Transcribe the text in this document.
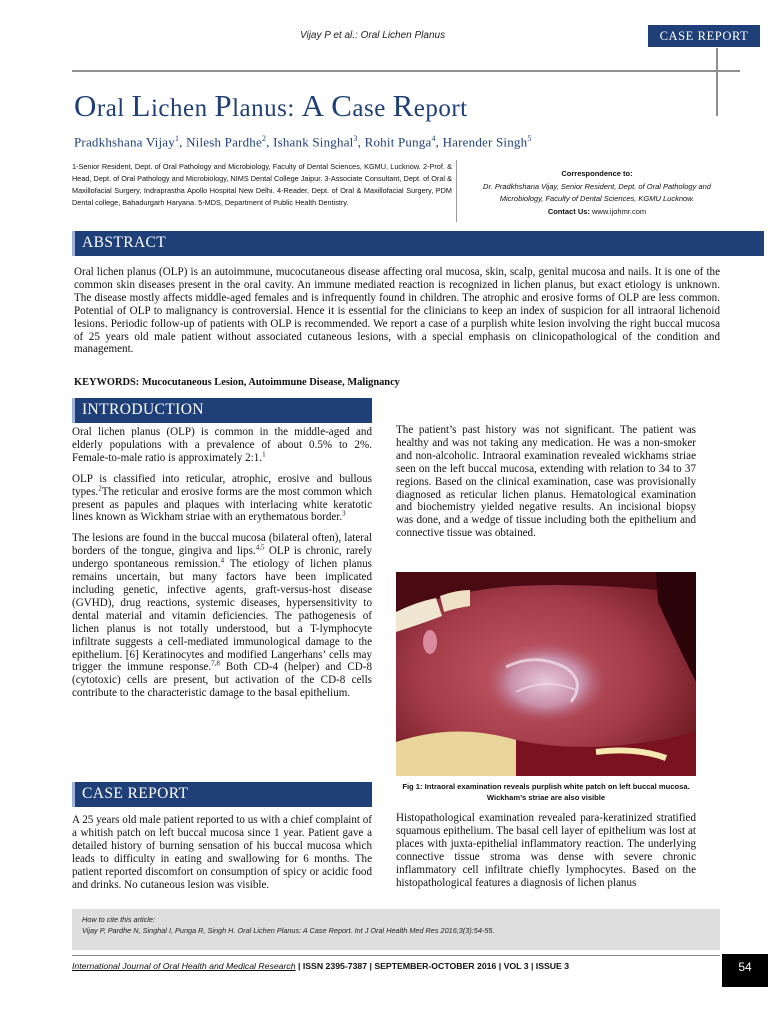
Vijay P et al.: Oral Lichen Planus	CASE REPORT
Oral Lichen Planus: A Case Report
Pradkhshana Vijay$^1$, Nilesh Pardhe$^2$, Ishank Singhal$^3$, Rohit Punga$^4$, Harender Singh$^5$
1-Senior Resident, Dept. of Oral Pathology and Microbiology, Faculty of Dental Sciences, KGMU, Lucknow. 2-Prof. & Head, Dept. of Oral Pathology and Microbiology, NIMS Dental College Jaipur. 3-Associate Consultant, Dept. of Oral & Maxillofacial Surgery, Indraprastha Apollo Hospital New Delhi. 4-Reader, Dept. of Oral & Maxillofacial Surgery, PDM Dental college, Bahadurgarh Haryana. 5-MDS, Department of Public Health Dentistry.
Correspondence to:
Dr. Pradkhshana Vijay, Senior Resident, Dept. of Oral Pathology and Microbiology, Faculty of Dental Sciences, KGMU Lucknow.
Contact Us: www.ijohmr.com
ABSTRACT

Oral lichen planus (OLP) is an autoimmune, mucocutaneous disease affecting oral mucosa, skin, scalp, genital mucosa and nails. It is one of the common skin diseases present in the oral cavity. An immune mediated reaction is recognized in lichen planus, but exact etiology is unknown. The disease mostly affects middle-aged females and is infrequently found in children. The atrophic and erosive forms of OLP are less common. Potential of OLP to malignancy is controversial. Hence it is essential for the clinicians to keep an index of suspicion for all intraoral lichenoid lesions. Periodic follow-up of patients with OLP is recommended. We report a case of a purplish white lesion involving the right buccal mucosa of 25 years old male patient without associated cutaneous lesions, with a special emphasis on clinicopathological of the condition and management.

KEYWORDS: Mucocutaneous Lesion, Autoimmune Disease, Malignancy

INTRODUCTION

Oral lichen planus (OLP) is common in the middle-aged and elderly populations with a prevalence of about 0.5% to 2%. Female-to-male ratio is approximately 2:1.$^1$

OLP is classified into reticular, atrophic, erosive and bullous types.$^2$The reticular and erosive forms are the most common which present as papules and plaques with interlacing white keratotic lines known as Wickham striae with an erythematous border.$^3$

The lesions are found in the buccal mucosa (bilateral often), lateral borders of the tongue, gingiva and lips.$^{4,5}$ OLP is chronic, rarely undergo spontaneous remission.$^4$ The etiology of lichen planus remains uncertain, but many factors have been implicated including genetic, infective agents, graft-versus-host disease (GVHD), drug reactions, systemic diseases, hypersensitivity to dental material and vitamin deficiencies. The pathogenesis of lichen planus is not totally understood, but a T-lymphocyte infiltrate suggests a cell-mediated immunological damage to the epithelium. [6] Keratinocytes and modified Langerhans’ cells may trigger the immune response.$^{7,8}$ Both CD-4 (helper) and CD-8 (cytotoxic) cells are present, but activation of the CD-8 cells contribute to the characteristic damage to the basal epithelium.

CASE REPORT

A 25 years old male patient reported to us with a chief complaint of a whitish patch on left buccal mucosa since 1 year. Patient gave a detailed history of burning sensation of his buccal mucosa which leads to difficulty in eating and swallowing for 6 months. The patient reported discomfort on consumption of spicy or acidic food and drinks. No cutaneous lesion was visible.

The patient’s past history was not significant. The patient was healthy and was not taking any medication. He was a non-smoker and non-alcoholic. Intraoral examination revealed wickhams striae seen on the left buccal mucosa, extending with relation to 34 to 37 regions. Based on the clinical examination, case was provisionally diagnosed as reticular lichen planus. Hematological examination and biochemistry yielded negative results. An incisional biopsy was done, and a wedge of tissue including both the epithelium and connective tissue was obtained.

Fig 1: Intraoral examination reveals purplish white patch on left buccal mucosa. Wickham’s striae are also visible

Histopathological examination revealed para-keratinized stratified squamous epithelium. The basal cell layer of epithelium was lost at places with juxta-epithelial inflammatory reaction. The underlying connective tissue stroma was dense with severe chronic inflammatory cell infiltrate chiefly lymphocytes. Based on the histopathological features a diagnosis of lichen planus

How to cite this article:
Vijay P, Pardhe N, Singhal I, Punga R, Singh H. Oral Lichen Planus: A Case Report. Int J Oral Health Med Res 2016;3(3):54-55.
International Journal of Oral Health and Medical Research | ISSN 2395-7387 | SEPTEMBER-OCTOBER 2016 | VOL 3 | ISSUE 3	54
